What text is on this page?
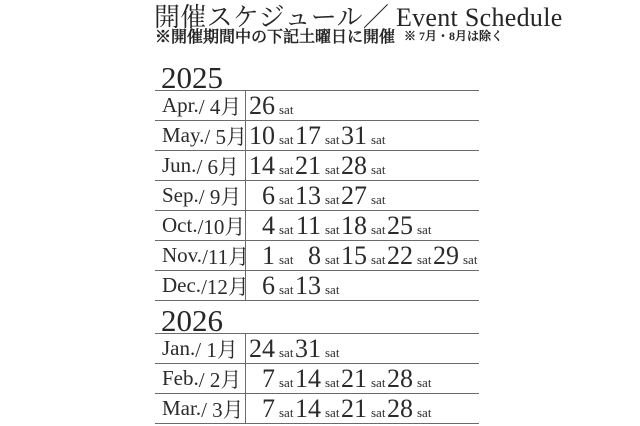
開催スケジュール／ Event Schedule
※開催期間中の下記土曜日に開催 ※ 7月・8月は除く
2025
Apr. / 4月 26 sat
May. / 5月 10 sat 17 sat 31 sat
Jun. / 6月 14 sat 21 sat 28 sat
Sep. / 9月 6 sat 13 sat 27 sat
Oct. /10月 4 sat 11 sat 18 sat 25 sat
Nov. /11月 1 sat 8 sat 15 sat 22 sat 29 sat
Dec. /12月 6 sat 13 sat
2026
Jan. / 1月 24 sat 31 sat
Feb. / 2月 7 sat 14 sat 21 sat 28 sat
Mar. / 3月 7 sat 14 sat 21 sat 28 sat
